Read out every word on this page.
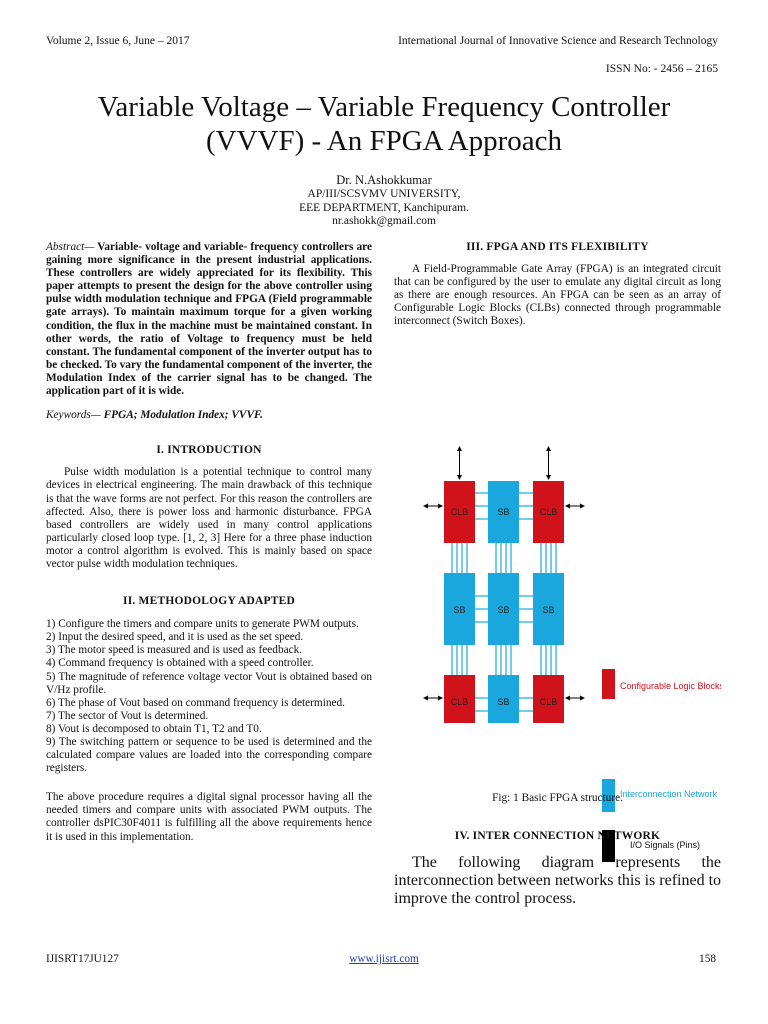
Volume 2, Issue 6, June – 2017	International Journal of Innovative Science and Research Technology
ISSN No: - 2456 – 2165
Variable Voltage – Variable Frequency Controller
(VVVF) - An FPGA Approach
Dr. N.Ashokkumar
AP/III/SCSVMV UNIVERSITY,
EEE DEPARTMENT, Kanchipuram.
nr.ashokk@gmail.com

Abstract— Variable- voltage and variable- frequency controllers are gaining more significance in the present industrial applications. These controllers are widely appreciated for its flexibility. This paper attempts to present the design for the above controller using pulse width modulation technique and FPGA (Field programmable gate arrays). To maintain maximum torque for a given working condition, the flux in the machine must be maintained constant. In other words, the ratio of Voltage to frequency must be held constant. The fundamental component of the inverter output has to be checked. To vary the fundamental component of the inverter, the Modulation Index of the carrier signal has to be changed. The application part of it is wide.

Keywords— FPGA; Modulation Index; VVVF.

I. INTRODUCTION

Pulse width modulation is a potential technique to control many devices in electrical engineering. The main drawback of this technique is that the wave forms are not perfect. For this reason the controllers are affected. Also, there is power loss and harmonic disturbance. FPGA based controllers are widely used in many control applications particularly closed loop type. [1, 2, 3] Here for a three phase induction motor a control algorithm is evolved. This is mainly based on space vector pulse width modulation techniques.

II. METHODOLOGY ADAPTED
1) Configure the timers and compare units to generate PWM outputs.
2) Input the desired speed, and it is used as the set speed.
3) The motor speed is measured and is used as feedback.
4) Command frequency is obtained with a speed controller.
5) The magnitude of reference voltage vector Vout is obtained based on V/Hz profile.
6) The phase of Vout based on command frequency is determined.
7) The sector of Vout is determined.
8) Vout is decomposed to obtain T1, T2 and T0.
9) The switching pattern or sequence to be used is determined and the calculated compare values are loaded into the corresponding compare registers.

The above procedure requires a digital signal processor having all the needed timers and compare units with associated PWM outputs. The controller dsPIC30F4011 is fulfilling all the above requirements hence it is used in this implementation.

III. FPGA AND ITS FLEXIBILITY

A Field-Programmable Gate Array (FPGA) is an integrated circuit that can be configured by the user to emulate any digital circuit as long as there are enough resources. An FPGA can be seen as an array of Configurable Logic Blocks (CLBs) connected through programmable interconnect (Switch Boxes).

CLB	SB	CLB
SB	SB	SB
CLB	SB	CLB
Configurable Logic Blocks
Interconnection Network
I/O Signals (Pins)
Fig: 1 Basic FPGA structure.
IV. INTER CONNECTION NETWORK

The following diagram represents the interconnection between networks this is refined to improve the control process.

IJISRT17JU127	www.ijisrt.com	158
